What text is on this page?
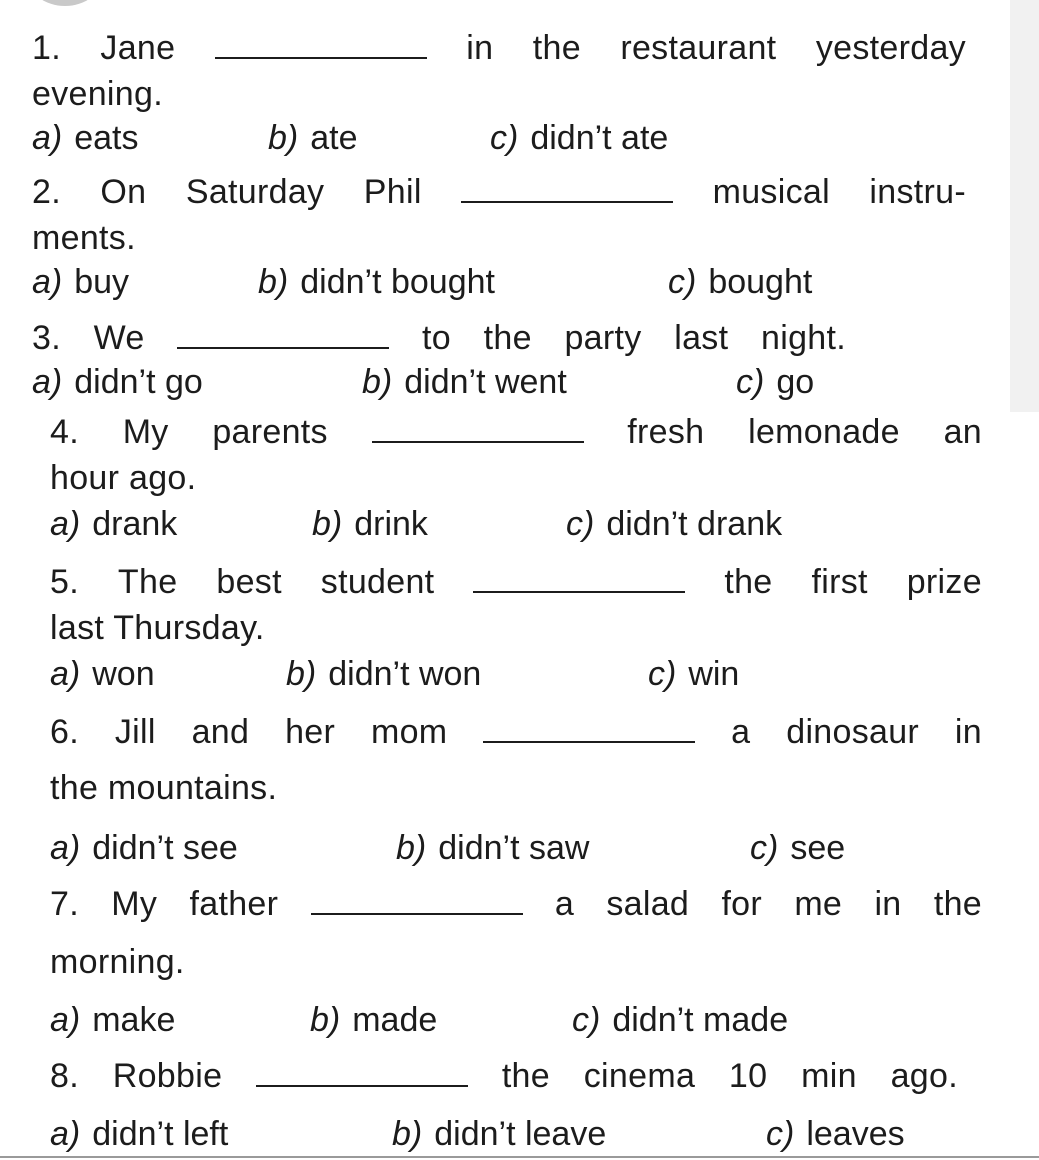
1. Jane	in the restaurant yesterday
evening.
a) eats	b) ate	c) didn’t ate
2. On Saturday Phil	musical instru-
ments.
a) buy	b) didn’t bought	c) bought
3. We	to the party last night.
a) didn’t go	b) didn’t went	c) go
4. My parents	fresh lemonade an
hour ago.
a) drank	b) drink	c) didn’t drank
5. The best student	the first prize
last Thursday.
a) won	b) didn’t won	c) win
6. Jill and her mom	a dinosaur in
the mountains.
a) didn’t see	b) didn’t saw	c) see
7. My father	a salad for me in the
morning.
a) make	b) made	c) didn’t made
8. Robbie	the cinema 10 min ago.
a) didn’t left	b) didn’t leave	c) leaves
